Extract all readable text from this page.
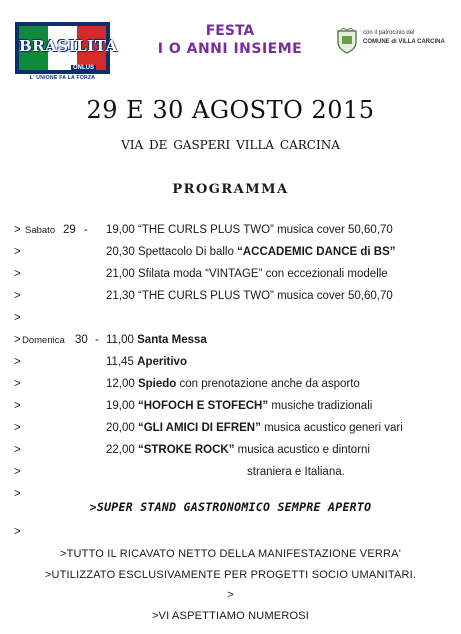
BRASILITA
ONLUS
L' UNIONE FA LA FORZA
FESTA
I O ANNI INSIEME
con il patrocinio del
COMUNE di VILLA CARCINA
29 E 30 AGOSTO 2015
VIA DE GASPERI VILLA CARCINA
PROGRAMMA
> Sabato 29 - 19,00 “THE CURLS PLUS TWO” musica cover 50,60,70
>	20,30 Spettacolo Di ballo “ACCADEMIC DANCE di BS”
>	21,00 Sfilata moda “VINTAGE” con eccezionali modelle
>	21,30 “THE CURLS PLUS TWO” musica cover 50,60,70
>
> Domenica 30 - 11,00 Santa Messa
>	11,45 Aperitivo
>	12,00 Spiedo con prenotazione anche da asporto
>	19,00 “HOFOCH E STOFECH” musiche tradizionali
>	20,00 “GLI AMICI DI EFREN” musica acustico generi vari
>	22,00 “STROKE ROCK” musica acustico e dintorni
>	straniera e Italiana.
>
>SUPER STAND GASTRONOMICO SEMPRE APERTO
>
>TUTTO IL RICAVATO NETTO DELLA MANIFESTAZIONE VERRA'
>UTILIZZATO ESCLUSIVAMENTE PER PROGETTI SOCIO UMANITARI.
>
>VI ASPETTIAMO NUMEROSI
